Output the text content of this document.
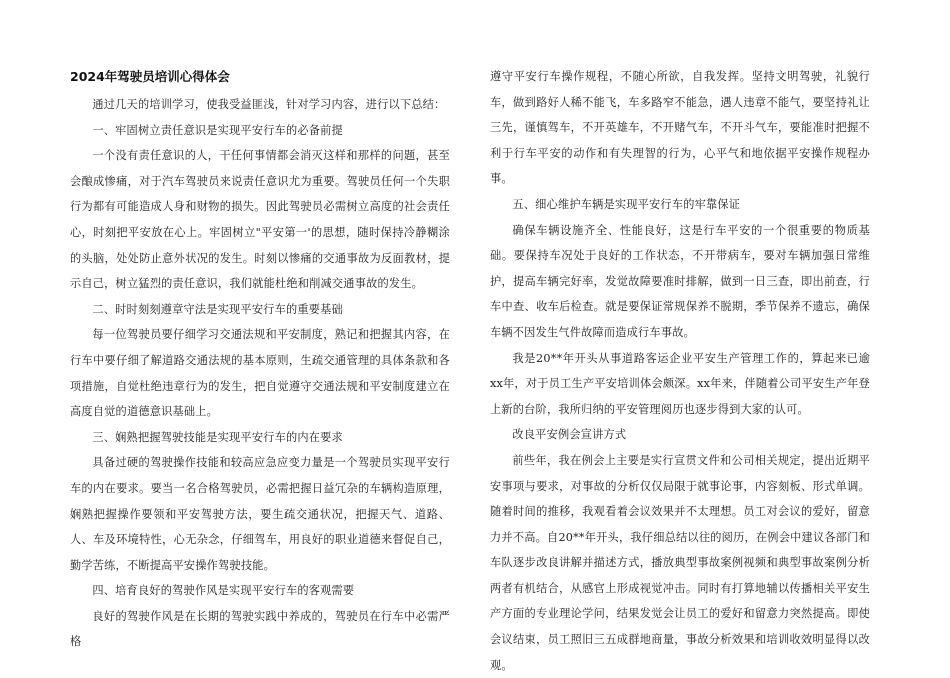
2024年驾驶员培训心得体会

通过几天的培训学习，使我受益匪浅，针对学习内容，进行以下总结：

一、牢固树立责任意识是实现平安行车的必备前提

一个没有责任意识的人，干任何事情都会消灭这样和那样的问题，甚至会酿成惨痛，对于汽车驾驶员来说责任意识尤为重要。驾驶员任何一个失职行为都有可能造成人身和财物的损失。因此驾驶员必需树立高度的社会责任心，时刻把平安放在心上。牢固树立"平安第一'的思想，随时保持冷静糊涂的头脑，处处防止意外状况的发生。时刻以惨痛的交通事故为反面教材，提示自己，树立猛烈的责任意识，我们就能杜绝和削减交通事故的发生。

二、时时刻刻遵章守法是实现平安行车的重要基础

每一位驾驶员要仔细学习交通法规和平安制度，熟记和把握其内容，在行车中要仔细了解道路交通法规的基本原则，生疏交通管理的具体条款和各项措施，自觉杜绝违章行为的发生，把自觉遵守交通法规和平安制度建立在高度自觉的道德意识基础上。

三、娴熟把握驾驶技能是实现平安行车的内在要求

具备过硬的驾驶操作技能和较高应急应变力量是一个驾驶员实现平安行车的内在要求。要当一名合格驾驶员，必需把握日益冗杂的车辆构造原理，娴熟把握操作要领和平安驾驶方法，要生疏交通状况，把握天气、道路、人、车及环境特性，心无杂念，仔细驾车，用良好的职业道德来督促自己，勤学苦练，不断提高平安操作驾驶技能。

四、培育良好的驾驶作风是实现平安行车的客观需要

良好的驾驶作风是在长期的驾驶实践中养成的，驾驶员在行车中必需严格

遵守平安行车操作规程，不随心所欲，自我发挥。坚持文明驾驶，礼貌行车，做到路好人稀不能飞，车多路窄不能急，遇人违章不能气，要坚持礼让三先，谨慎驾车，不开英雄车，不开赌气车，不开斗气车，要能准时把握不利于行车平安的动作和有失理智的行为，心平气和地依据平安操作规程办事。

五、细心维护车辆是实现平安行车的牢靠保证

确保车辆设施齐全、性能良好，这是行车平安的一个很重要的物质基础。要保持车况处于良好的工作状态，不开带病车，要对车辆加强日常维护，提高车辆完好率，发觉故障要准时排解，做到一日三查，即出前查，行车中查、收车后检查。就是要保证常规保养不脱期，季节保养不遗忘，确保车辆不因发生气件故障而造成行车事故。

我是20**年开头从事道路客运企业平安生产管理工作的，算起来已逾xx年，对于员工生产平安培训体会颇深。xx年来，伴随着公司平安生产年登上新的台阶，我所归纳的平安管理阅历也逐步得到大家的认可。

改良平安例会宣讲方式

前些年，我在例会上主要是实行宣贯文件和公司相关规定，提出近期平安事项与要求，对事故的分析仅仅局限于就事论事，内容刻板、形式单调。随着时间的推移，我观看着会议效果并不太理想。员工对会议的爱好，留意力并不高。自20**年开头，我仔细总结以往的阅历，在例会中建议各部门和车队逐步改良讲解并描述方式，播放典型事故案例视频和典型事故案例分析两者有机结合，从感官上形成视觉冲击。同时有打算地辅以传播相关平安生产方面的专业理论学问，结果发觉会让员工的爱好和留意力突然提高。即使会议结束，员工照旧三五成群地商量，事故分析效果和培训收效明显得以改观。
